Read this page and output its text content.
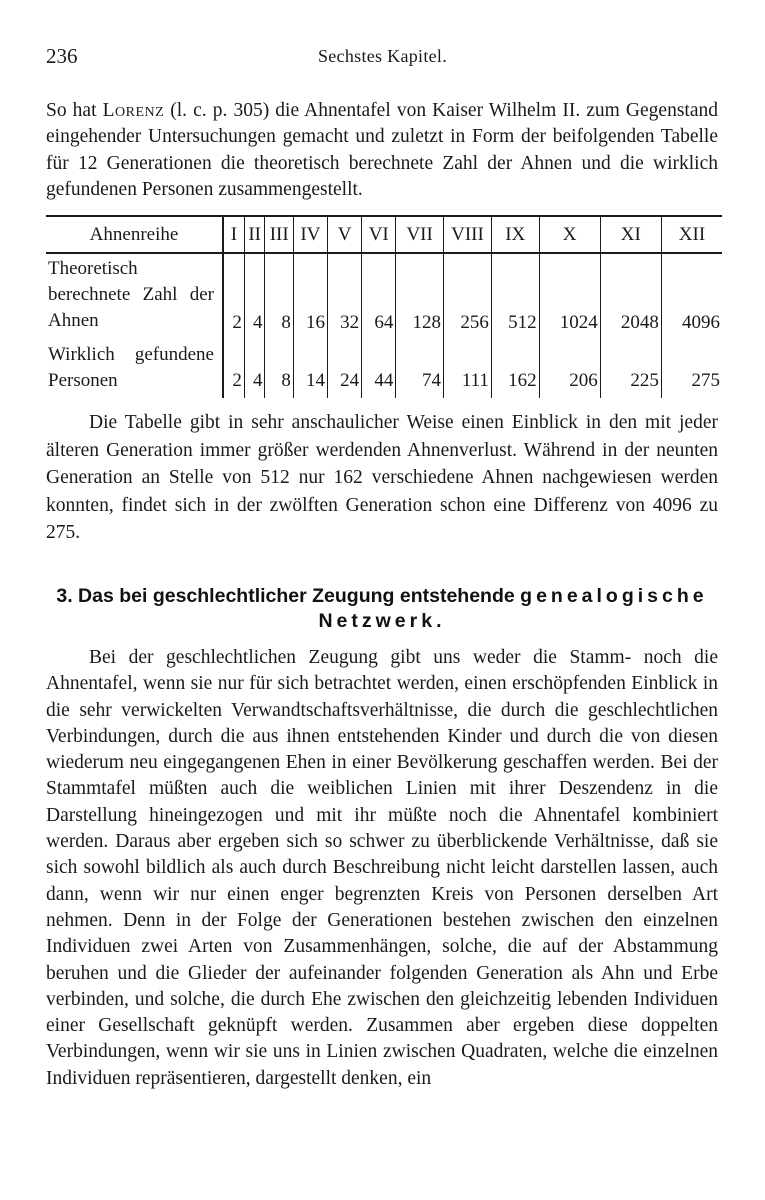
236	Sechstes Kapitel.

So hat Lorenz (l. c. p. 305) die Ahnentafel von Kaiser Wilhelm II. zum Gegenstand eingehender Untersuchungen gemacht und zuletzt in Form der beifolgenden Tabelle für 12 Generationen die theoretisch berechnete Zahl der Ahnen und die wirklich gefundenen Personen zusammengestellt.

Ahnenreihe	I	II	III	IV	V	VI	VII	VIII	IX	X	XI	XII
Theoretisch berechnete Zahl der Ahnen	2	4	8	16	32	64	128	256	512	1024	2048	4096
Wirklich gefundene Personen	2	4	8	14	24	44	74	111	162	206	225	275

Die Tabelle gibt in sehr anschaulicher Weise einen Einblick in den mit jeder älteren Generation immer größer werdenden Ahnenverlust. Während in der neunten Generation an Stelle von 512 nur 162 verschiedene Ahnen nachgewiesen werden konnten, findet sich in der zwölften Generation schon eine Differenz von 4096 zu 275.

3. Das bei geschlechtlicher Zeugung entstehende genealogische
Netzwerk.

Bei der geschlechtlichen Zeugung gibt uns weder die Stamm- noch die Ahnentafel, wenn sie nur für sich betrachtet werden, einen erschöpfenden Einblick in die sehr verwickelten Verwandtschaftsverhältnisse, die durch die geschlechtlichen Verbindungen, durch die aus ihnen entstehenden Kinder und durch die von diesen wiederum neu eingegangenen Ehen in einer Bevölkerung geschaffen werden. Bei der Stammtafel müßten auch die weiblichen Linien mit ihrer Deszendenz in die Darstellung hineingezogen und mit ihr müßte noch die Ahnentafel kombiniert werden. Daraus aber ergeben sich so schwer zu überblickende Verhältnisse, daß sie sich sowohl bildlich als auch durch Beschreibung nicht leicht darstellen lassen, auch dann, wenn wir nur einen enger begrenzten Kreis von Personen derselben Art nehmen. Denn in der Folge der Generationen bestehen zwischen den einzelnen Individuen zwei Arten von Zusammenhängen, solche, die auf der Abstammung beruhen und die Glieder der aufeinander folgenden Generation als Ahn und Erbe verbinden, und solche, die durch Ehe zwischen den gleichzeitig lebenden Individuen einer Gesellschaft geknüpft werden. Zusammen aber ergeben diese doppelten Verbindungen, wenn wir sie uns in Linien zwischen Quadraten, welche die einzelnen Individuen repräsentieren, dargestellt denken, ein
